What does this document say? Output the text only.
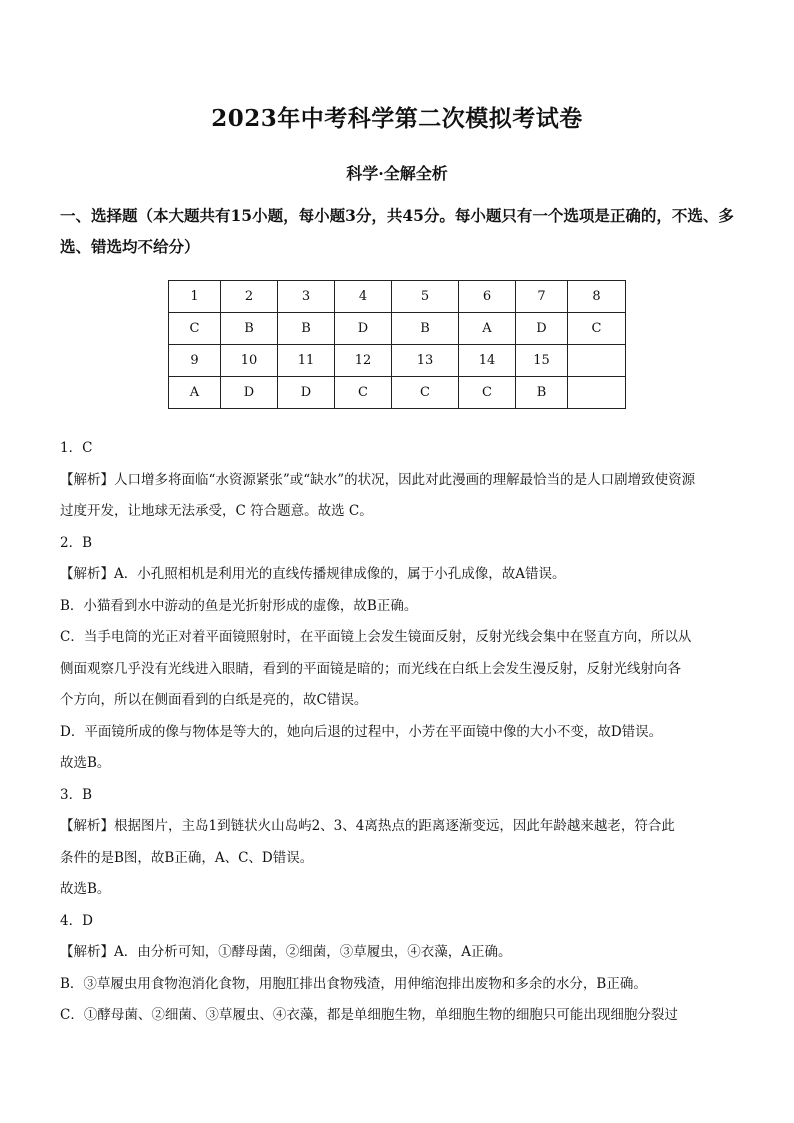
2023年中考科学第二次模拟考试卷
科学·全解全析
一、选择题（本大题共有15小题，每小题3分，共45分。每小题只有一个选项是正确的，不选、多选、错选均不给分）
1	2	3	4	5	6	7	8
C	B	B	D	B	A	D	C
9	10	11	12	13	14	15	
A	D	D	C	C	C	B	

1．C

【解析】人口增多将面临“水资源紧张”或“缺水”的状况，因此对此漫画的理解最恰当的是人口剧增致使资源

过度开发，让地球无法承受，C 符合题意。故选 C。

2．B

【解析】A．小孔照相机是利用光的直线传播规律成像的，属于小孔成像，故A错误。

B．小猫看到水中游动的鱼是光折射形成的虚像，故B正确。

C．当手电筒的光正对着平面镜照射时，在平面镜上会发生镜面反射，反射光线会集中在竖直方向，所以从

侧面观察几乎没有光线进入眼睛，看到的平面镜是暗的；而光线在白纸上会发生漫反射，反射光线射向各

个方向，所以在侧面看到的白纸是亮的，故C错误。

D．平面镜所成的像与物体是等大的，她向后退的过程中，小芳在平面镜中像的大小不变，故D错误。

故选B。

3．B

【解析】根据图片，主岛1到链状火山岛屿2、3、4离热点的距离逐渐变远，因此年龄越来越老，符合此

条件的是B图，故B正确，A、C、D错误。

故选B。

4．D

【解析】A．由分析可知，①酵母菌，②细菌，③草履虫，④衣藻，A正确。

B．③草履虫用食物泡消化食物，用胞肛排出食物残渣，用伸缩泡排出废物和多余的水分，B正确。

C．①酵母菌、②细菌、③草履虫、④衣藻，都是单细胞生物，单细胞生物的细胞只可能出现细胞分裂过
